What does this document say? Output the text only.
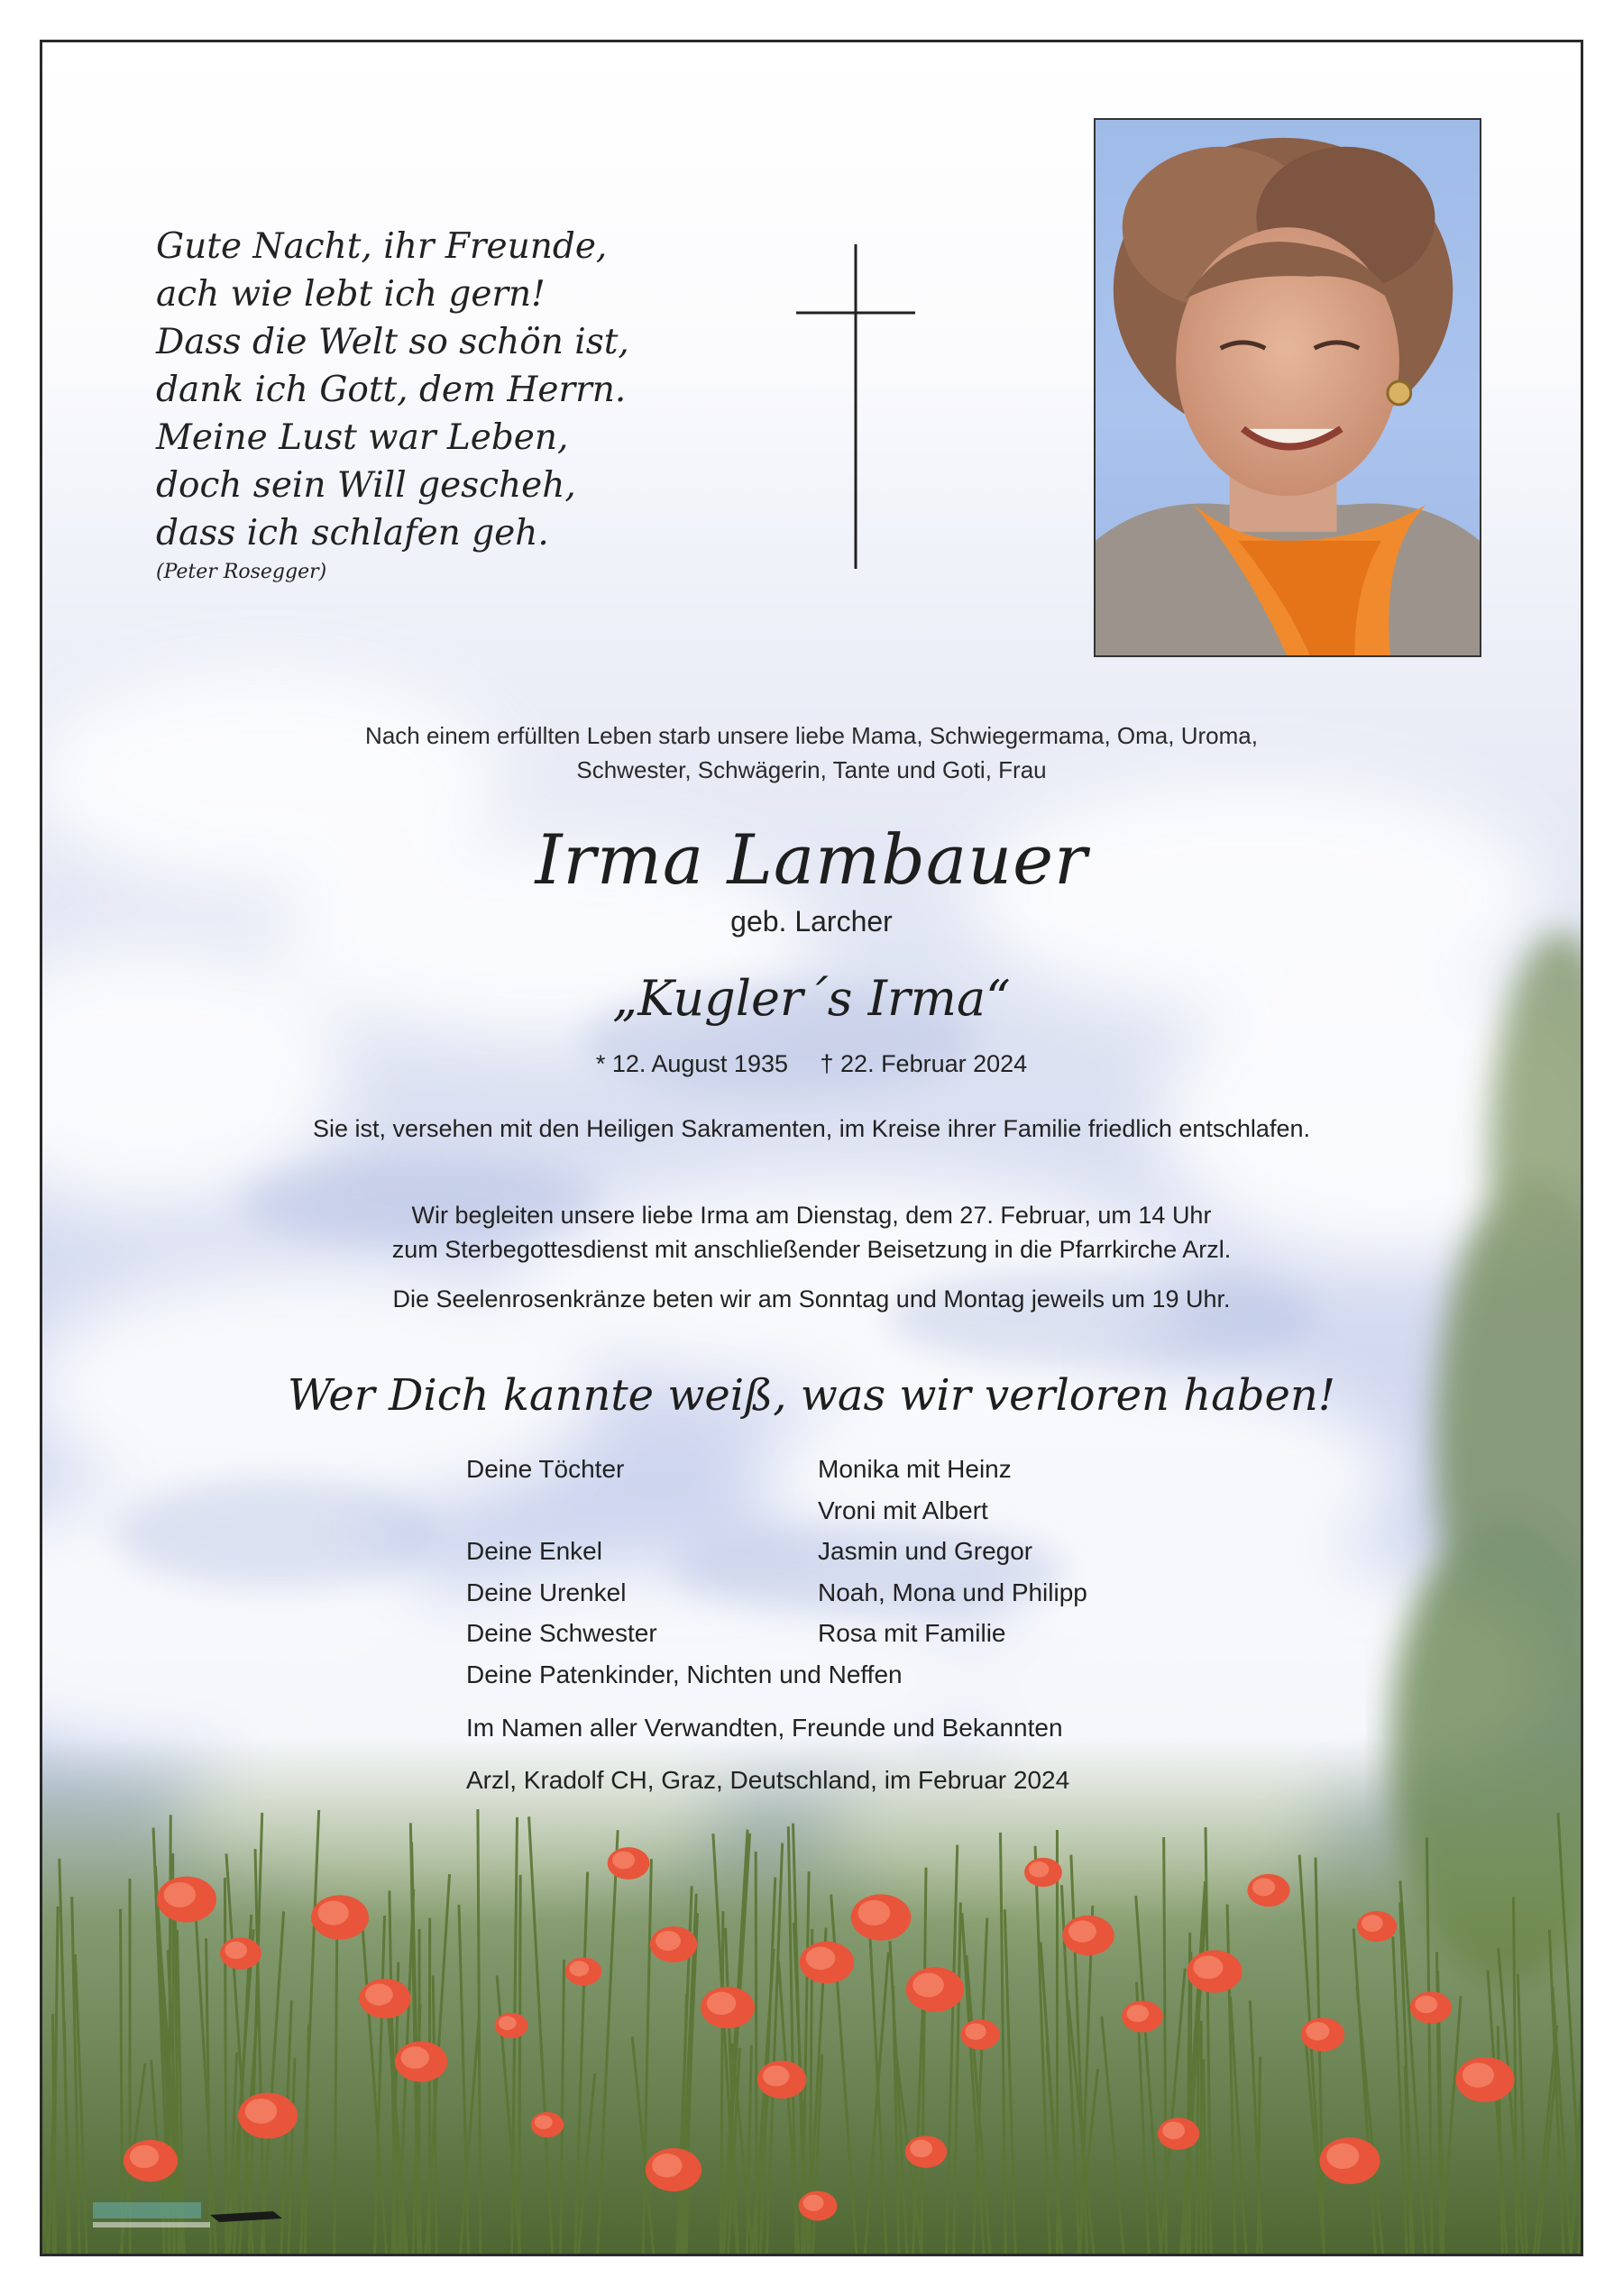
Gute Nacht, ihr Freunde,
ach wie lebt ich gern!
Dass die Welt so schön ist,
dank ich Gott, dem Herrn.
Meine Lust war Leben,
doch sein Will gescheh,
dass ich schlafen geh.
(Peter Rosegger)
Nach einem erfüllten Leben starb unsere liebe Mama, Schwiegermama, Oma, Uroma,
Schwester, Schwägerin, Tante und Goti, Frau
Irma Lambauer
geb. Larcher
„Kugler´s Irma“
* 12. August 1935 † 22. Februar 2024
Sie ist, versehen mit den Heiligen Sakramenten, im Kreise ihrer Familie friedlich entschlafen.
Wir begleiten unsere liebe Irma am Dienstag, dem 27. Februar, um 14 Uhr
zum Sterbegottesdienst mit anschließender Beisetzung in die Pfarrkirche Arzl.
Die Seelenrosenkränze beten wir am Sonntag und Montag jeweils um 19 Uhr.
Wer Dich kannte weiß, was wir verloren haben!
Deine Töchter	Monika mit Heinz
Vroni mit Albert
Deine Enkel	Jasmin und Gregor
Deine Urenkel	Noah, Mona und Philipp
Deine Schwester	Rosa mit Familie
Deine Patenkinder, Nichten und Neffen
Im Namen aller Verwandten, Freunde und Bekannten
Arzl, Kradolf CH, Graz, Deutschland, im Februar 2024
